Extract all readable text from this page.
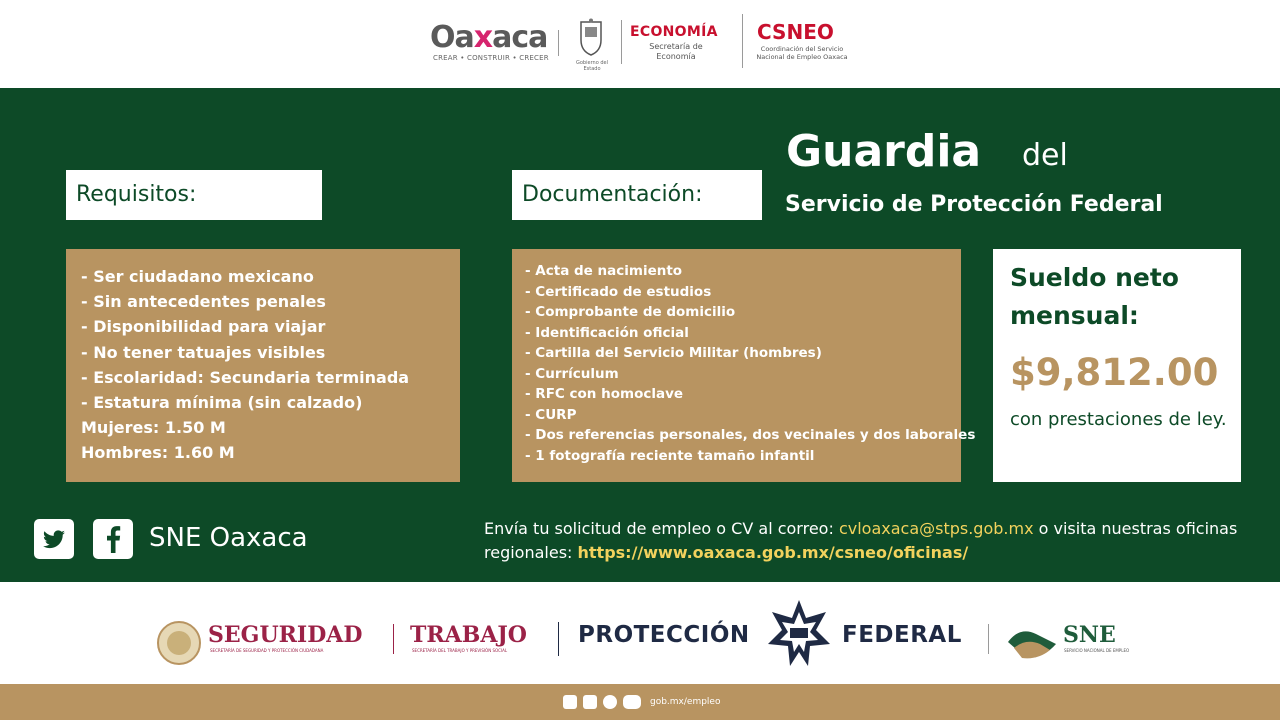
Oaxaca
CREAR • CONSTRUIR • CRECER
Gobierno del Estado
ECONOMÍA
Secretaría de Economía
CSNEO
Coordinación del Servicio Nacional de Empleo Oaxaca
Guardia del
Servicio de Protección Federal
Requisitos:	Documentación:
- Ser ciudadano mexicano
- Sin antecedentes penales
- Disponibilidad para viajar
- No tener tatuajes visibles
- Escolaridad: Secundaria terminada
- Estatura mínima (sin calzado)
Mujeres: 1.50 M
Hombres: 1.60 M
- Acta de nacimiento
- Certificado de estudios
- Comprobante de domicilio
- Identificación oficial
- Cartilla del Servicio Militar (hombres)
- Currículum
- RFC con homoclave
- CURP
- Dos referencias personales, dos vecinales y dos laborales
- 1 fotografía reciente tamaño infantil
Sueldo neto
mensual:
$9,812.00
con prestaciones de ley.
SNE Oaxaca	Envía tu solicitud de empleo o CV al correo: cvloaxaca@stps.gob.mx o visita nuestras oficinas regionales: https://www.oaxaca.gob.mx/csneo/oficinas/
SEGURIDAD
SECRETARÍA DE SEGURIDAD Y PROTECCIÓN CIUDADANA
TRABAJO
SECRETARÍA DEL TRABAJO Y PREVISIÓN SOCIAL
PROTECCIÓN	FEDERAL	SNE
SERVICIO NACIONAL DE EMPLEO
gob.mx/empleo
